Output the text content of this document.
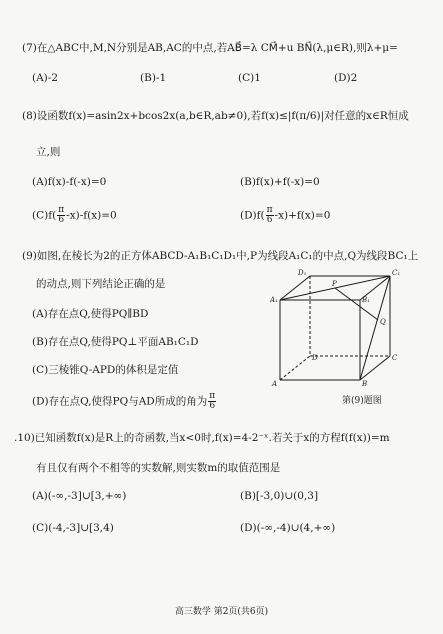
(7)在△ABC中,M,N分别是AB,AC的中点,若AB⃗=λ CM⃗+u BN⃗(λ,μ∈R),则λ+μ=
(A)-2	(B)-1	(C)1	(D)2
(8)设函数f(x)=asin2x+bcos2x(a,b∈R,ab≠0),若f(x)≤|f(π/6)|对任意的x∈R恒成
立,则
(A)f(x)-f(-x)=0	(B)f(x)+f(-x)=0
$(C)f( \frac{\pi}{6} -x)-f(x)=0$	$(D)f( \frac{\pi}{6} -x)+f(x)=0$
(9)如图,在棱长为2的正方体ABCD-A₁B₁C₁D₁中,P为线段A₁C₁的中点,Q为线段BC₁上
的动点,则下列结论正确的是
(A)存在点Q,使得PQ∥BD
(B)存在点Q,使得PQ⊥平面AB₁C₁D
(C)三棱锥Q-APD的体积是定值
(D)存在点Q,使得PQ与AD所成的角为 $\frac{\pi}{6}$
D₁	C₁
A₁	B₁
P
Q
D	C
A	B
第(9)题图
.10)已知函数f(x)是R上的奇函数,当x<0时,f(x)=4-2⁻ˣ.若关于x的方程f(f(x))=m
有且仅有两个不相等的实数解,则实数m的取值范围是
(A)(-∞,-3]∪[3,+∞)	(B)[-3,0)∪(0,3]
(C)(-4,-3]∪[3,4)	(D)(-∞,-4)∪(4,+∞)
高三数学 第2页(共6页)
